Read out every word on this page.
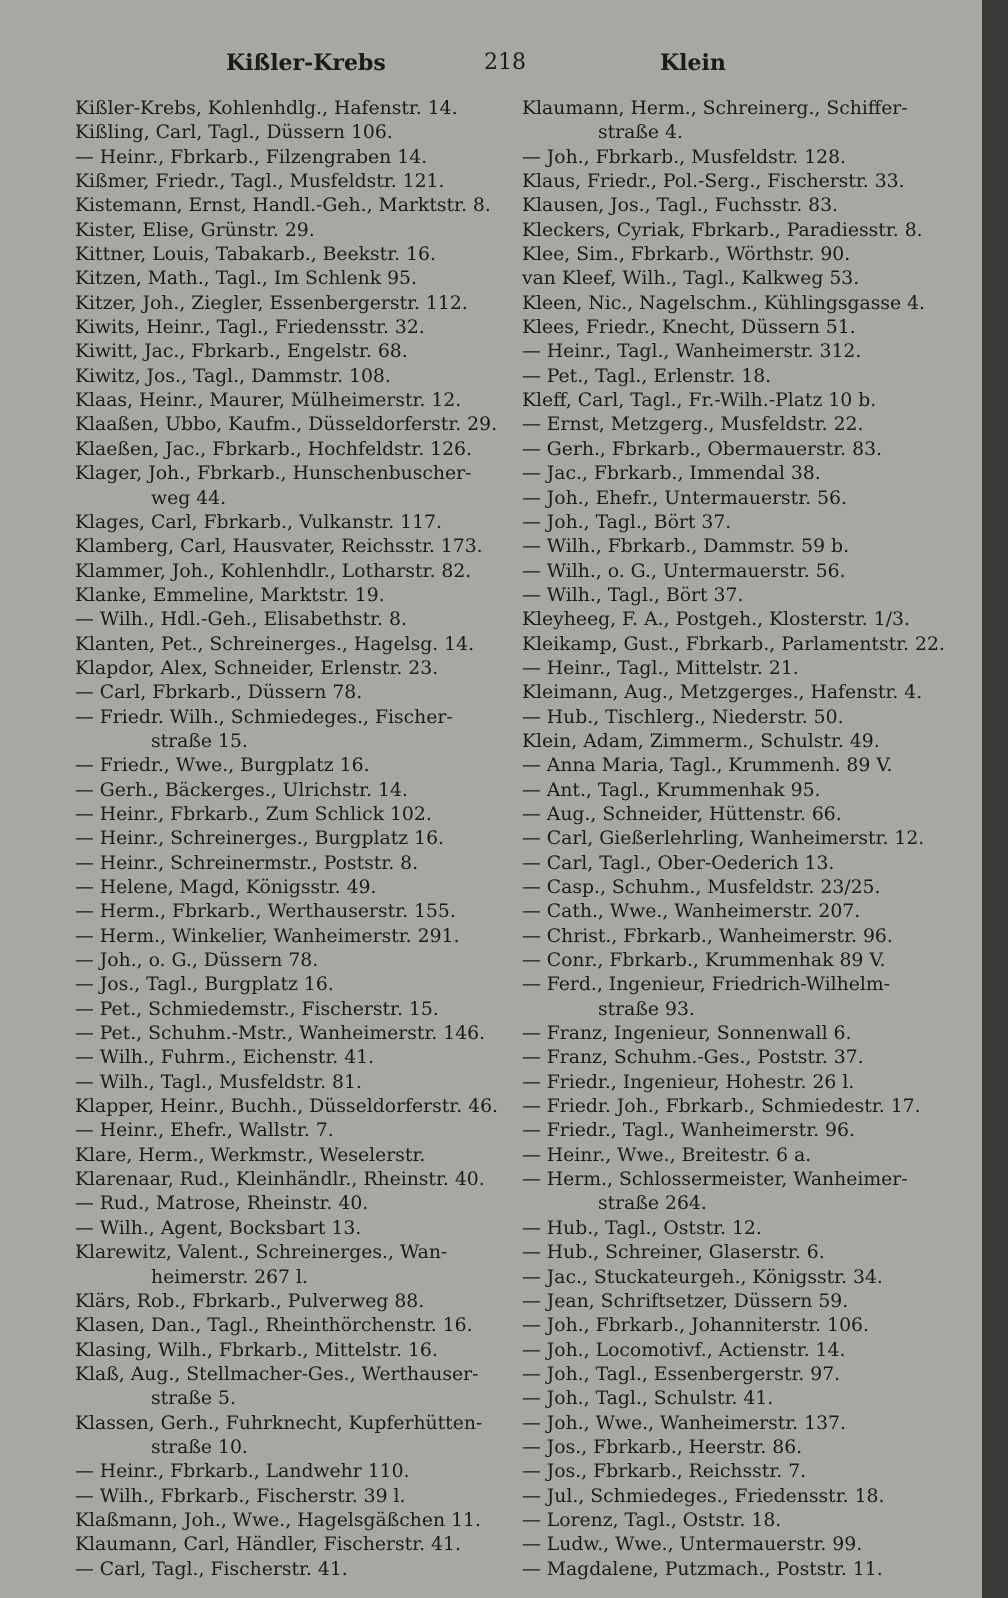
Kißler-Krebs	218	Klein
Kißler-Krebs, Kohlenhdlg., Hafenstr. 14.
Kißling, Carl, Tagl., Düssern 106.
— Heinr., Fbrkarb., Filzengraben 14.
Kißmer, Friedr., Tagl., Musfeldstr. 121.
Kistemann, Ernst, Handl.-Geh., Marktstr. 8.
Kister, Elise, Grünstr. 29.
Kittner, Louis, Tabakarb., Beekstr. 16.
Kitzen, Math., Tagl., Im Schlenk 95.
Kitzer, Joh., Ziegler, Essenbergerstr. 112.
Kiwits, Heinr., Tagl., Friedensstr. 32.
Kiwitt, Jac., Fbrkarb., Engelstr. 68.
Kiwitz, Jos., Tagl., Dammstr. 108.
Klaas, Heinr., Maurer, Mülheimerstr. 12.
Klaaßen, Ubbo, Kaufm., Düsseldorferstr. 29.
Klaeßen, Jac., Fbrkarb., Hochfeldstr. 126.
Klager, Joh., Fbrkarb., Hunschenbuscher-
weg 44.
Klages, Carl, Fbrkarb., Vulkanstr. 117.
Klamberg, Carl, Hausvater, Reichsstr. 173.
Klammer, Joh., Kohlenhdlr., Lotharstr. 82.
Klanke, Emmeline, Marktstr. 19.
— Wilh., Hdl.-Geh., Elisabethstr. 8.
Klanten, Pet., Schreinerges., Hagelsg. 14.
Klapdor, Alex, Schneider, Erlenstr. 23.
— Carl, Fbrkarb., Düssern 78.
— Friedr. Wilh., Schmiedeges., Fischer-
straße 15.
— Friedr., Wwe., Burgplatz 16.
— Gerh., Bäckerges., Ulrichstr. 14.
— Heinr., Fbrkarb., Zum Schlick 102.
— Heinr., Schreinerges., Burgplatz 16.
— Heinr., Schreinermstr., Poststr. 8.
— Helene, Magd, Königsstr. 49.
— Herm., Fbrkarb., Werthauserstr. 155.
— Herm., Winkelier, Wanheimerstr. 291.
— Joh., o. G., Düssern 78.
— Jos., Tagl., Burgplatz 16.
— Pet., Schmiedemstr., Fischerstr. 15.
— Pet., Schuhm.-Mstr., Wanheimerstr. 146.
— Wilh., Fuhrm., Eichenstr. 41.
— Wilh., Tagl., Musfeldstr. 81.
Klapper, Heinr., Buchh., Düsseldorferstr. 46.
— Heinr., Ehefr., Wallstr. 7.
Klare, Herm., Werkmstr., Weselerstr.
Klarenaar, Rud., Kleinhändlr., Rheinstr. 40.
— Rud., Matrose, Rheinstr. 40.
— Wilh., Agent, Bocksbart 13.
Klarewitz, Valent., Schreinerges., Wan-
heimerstr. 267 l.
Klärs, Rob., Fbrkarb., Pulverweg 88.
Klasen, Dan., Tagl., Rheinthörchenstr. 16.
Klasing, Wilh., Fbrkarb., Mittelstr. 16.
Klaß, Aug., Stellmacher-Ges., Werthauser-
straße 5.
Klassen, Gerh., Fuhrknecht, Kupferhütten-
straße 10.
— Heinr., Fbrkarb., Landwehr 110.
— Wilh., Fbrkarb., Fischerstr. 39 l.
Klaßmann, Joh., Wwe., Hagelsgäßchen 11.
Klaumann, Carl, Händler, Fischerstr. 41.
— Carl, Tagl., Fischerstr. 41.
Klaumann, Herm., Schreinerg., Schiffer-
straße 4.
— Joh., Fbrkarb., Musfeldstr. 128.
Klaus, Friedr., Pol.-Serg., Fischerstr. 33.
Klausen, Jos., Tagl., Fuchsstr. 83.
Kleckers, Cyriak, Fbrkarb., Paradiesstr. 8.
Klee, Sim., Fbrkarb., Wörthstr. 90.
van Kleef, Wilh., Tagl., Kalkweg 53.
Kleen, Nic., Nagelschm., Kühlingsgasse 4.
Klees, Friedr., Knecht, Düssern 51.
— Heinr., Tagl., Wanheimerstr. 312.
— Pet., Tagl., Erlenstr. 18.
Kleff, Carl, Tagl., Fr.-Wilh.-Platz 10 b.
— Ernst, Metzgerg., Musfeldstr. 22.
— Gerh., Fbrkarb., Obermauerstr. 83.
— Jac., Fbrkarb., Immendal 38.
— Joh., Ehefr., Untermauerstr. 56.
— Joh., Tagl., Bört 37.
— Wilh., Fbrkarb., Dammstr. 59 b.
— Wilh., o. G., Untermauerstr. 56.
— Wilh., Tagl., Bört 37.
Kleyheeg, F. A., Postgeh., Klosterstr. 1/3.
Kleikamp, Gust., Fbrkarb., Parlamentstr. 22.
— Heinr., Tagl., Mittelstr. 21.
Kleimann, Aug., Metzgerges., Hafenstr. 4.
— Hub., Tischlerg., Niederstr. 50.
Klein, Adam, Zimmerm., Schulstr. 49.
— Anna Maria, Tagl., Krummenh. 89 V.
— Ant., Tagl., Krummenhak 95.
— Aug., Schneider, Hüttenstr. 66.
— Carl, Gießerlehrling, Wanheimerstr. 12.
— Carl, Tagl., Ober-Oederich 13.
— Casp., Schuhm., Musfeldstr. 23/25.
— Cath., Wwe., Wanheimerstr. 207.
— Christ., Fbrkarb., Wanheimerstr. 96.
— Conr., Fbrkarb., Krummenhak 89 V.
— Ferd., Ingenieur, Friedrich-Wilhelm-
straße 93.
— Franz, Ingenieur, Sonnenwall 6.
— Franz, Schuhm.-Ges., Poststr. 37.
— Friedr., Ingenieur, Hohestr. 26 l.
— Friedr. Joh., Fbrkarb., Schmiedestr. 17.
— Friedr., Tagl., Wanheimerstr. 96.
— Heinr., Wwe., Breitestr. 6 a.
— Herm., Schlossermeister, Wanheimer-
straße 264.
— Hub., Tagl., Oststr. 12.
— Hub., Schreiner, Glaserstr. 6.
— Jac., Stuckateurgeh., Königsstr. 34.
— Jean, Schriftsetzer, Düssern 59.
— Joh., Fbrkarb., Johanniterstr. 106.
— Joh., Locomotivf., Actienstr. 14.
— Joh., Tagl., Essenbergerstr. 97.
— Joh., Tagl., Schulstr. 41.
— Joh., Wwe., Wanheimerstr. 137.
— Jos., Fbrkarb., Heerstr. 86.
— Jos., Fbrkarb., Reichsstr. 7.
— Jul., Schmiedeges., Friedensstr. 18.
— Lorenz, Tagl., Oststr. 18.
— Ludw., Wwe., Untermauerstr. 99.
— Magdalene, Putzmach., Poststr. 11.
